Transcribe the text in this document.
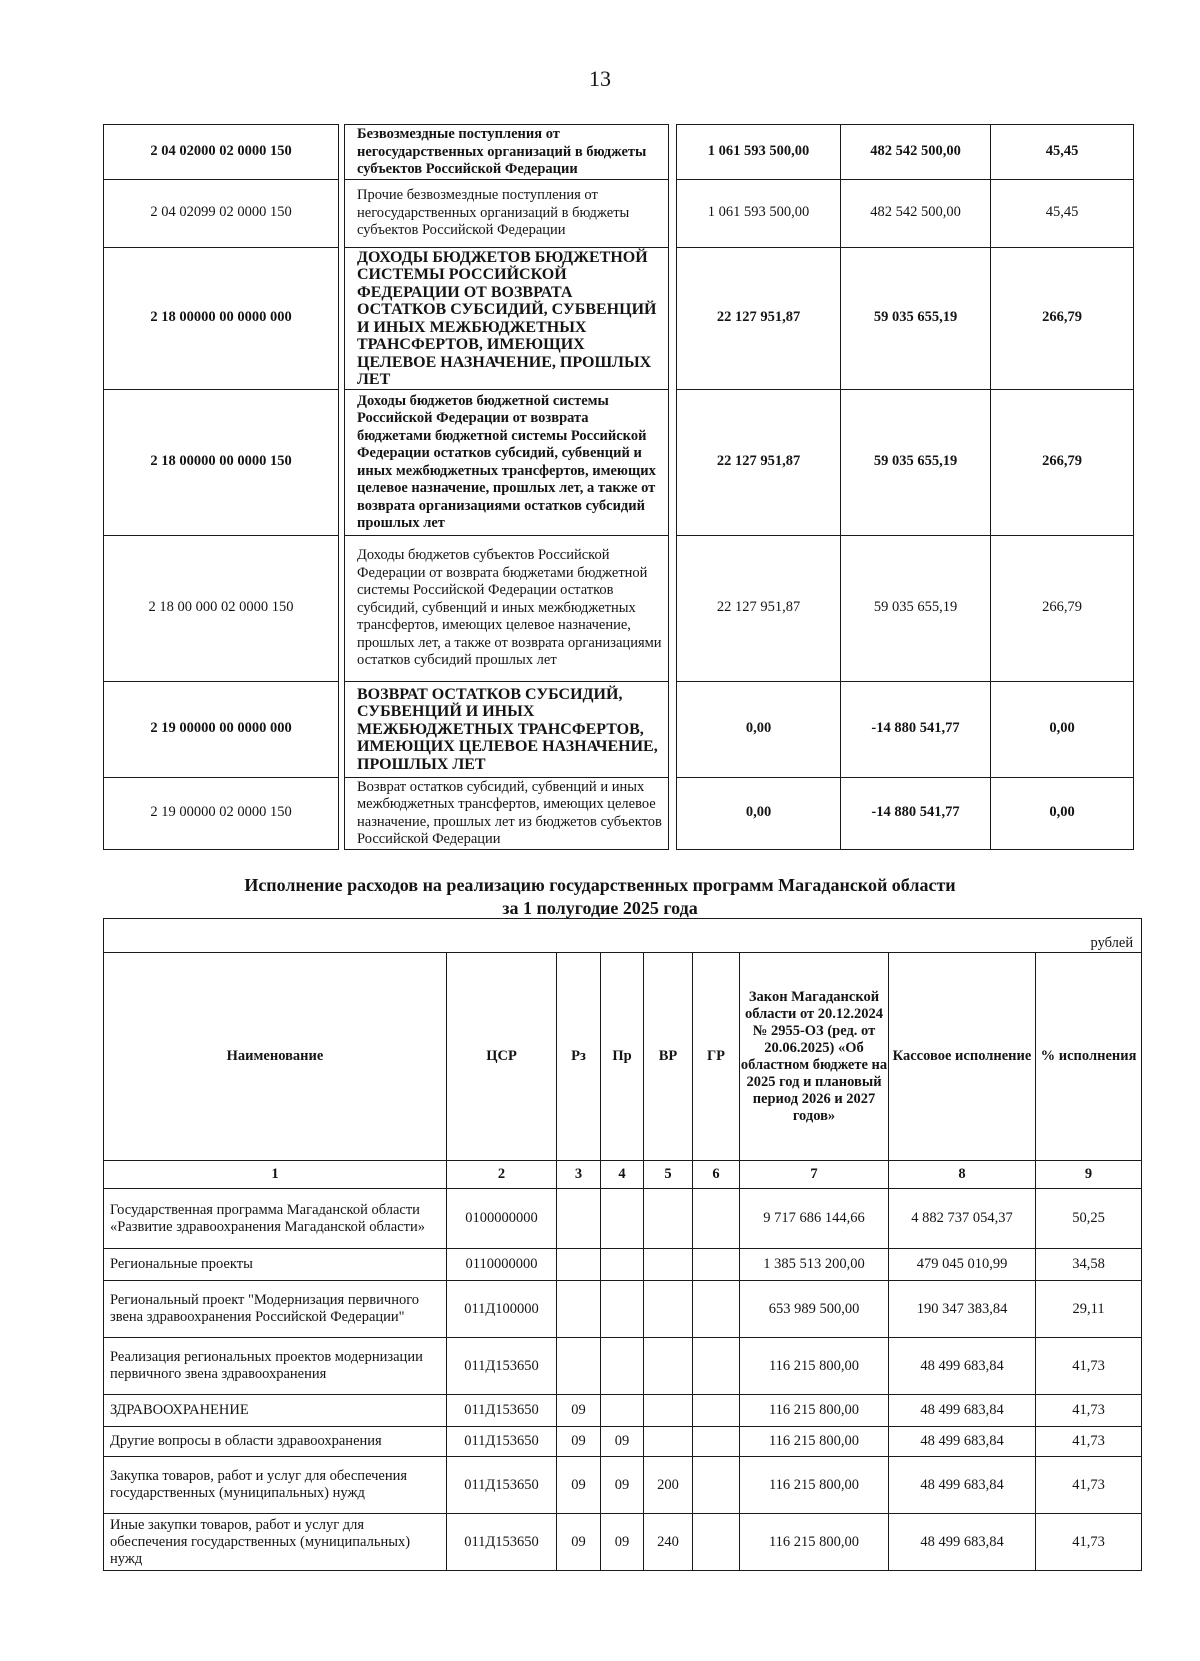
13
2 04 02000 02 0000 150		Безвозмездные поступления от негосударственных организаций в бюджеты субъектов Российской Федерации		1 061 593 500,00	482 542 500,00	45,45
2 04 02099 02 0000 150		Прочие безвозмездные поступления от негосударственных организаций в бюджеты субъектов Российской Федерации		1 061 593 500,00	482 542 500,00	45,45
2 18 00000 00 0000 000		ДОХОДЫ БЮДЖЕТОВ БЮДЖЕТНОЙ СИСТЕМЫ РОССИЙСКОЙ ФЕДЕРАЦИИ ОТ ВОЗВРАТА ОСТАТКОВ СУБСИДИЙ, СУБВЕНЦИЙ И ИНЫХ МЕЖБЮДЖЕТНЫХ ТРАНСФЕРТОВ, ИМЕЮЩИХ ЦЕЛЕВОЕ НАЗНАЧЕНИЕ, ПРОШЛЫХ ЛЕТ		22 127 951,87	59 035 655,19	266,79
2 18 00000 00 0000 150		Доходы бюджетов бюджетной системы Российской Федерации от возврата бюджетами бюджетной системы Российской Федерации остатков субсидий, субвенций и иных межбюджетных трансфертов, имеющих целевое назначение, прошлых лет, а также от возврата организациями остатков субсидий прошлых лет		22 127 951,87	59 035 655,19	266,79
2 18 00 000 02 0000 150		Доходы бюджетов субъектов Российской Федерации от возврата бюджетами бюджетной системы Российской Федерации остатков субсидий, субвенций и иных межбюджетных трансфертов, имеющих целевое назначение, прошлых лет, а также от возврата организациями остатков субсидий прошлых лет		22 127 951,87	59 035 655,19	266,79
2 19 00000 00 0000 000		ВОЗВРАТ ОСТАТКОВ СУБСИДИЙ, СУБВЕНЦИЙ И ИНЫХ МЕЖБЮДЖЕТНЫХ ТРАНСФЕРТОВ, ИМЕЮЩИХ ЦЕЛЕВОЕ НАЗНАЧЕНИЕ, ПРОШЛЫХ ЛЕТ		0,00	-14 880 541,77	0,00
2 19 00000 02 0000 150		Возврат остатков субсидий, субвенций и иных межбюджетных трансфертов, имеющих целевое назначение, прошлых лет из бюджетов субъектов Российской Федерации		0,00	-14 880 541,77	0,00
Исполнение расходов на реализацию государственных программ Магаданской области
за 1 полугодие 2025 года
рублей								
Наименование	ЦСР	Рз	Пр	ВР	ГР	Закон Магаданской области от 20.12.2024 № 2955-ОЗ (ред. от 20.06.2025) «Об областном бюджете на 2025 год и плановый период 2026 и 2027 годов»	Кассовое исполнение	% исполнения
1	2	3	4	5	6	7	8	9
Государственная программа Магаданской области «Развитие здравоохранения Магаданской области»	0100000000					9 717 686 144,66	4 882 737 054,37	50,25
Региональные проекты	0110000000					1 385 513 200,00	479 045 010,99	34,58
Региональный проект "Модернизация первичного звена здравоохранения Российской Федерации"	011Д100000					653 989 500,00	190 347 383,84	29,11
Реализация региональных проектов модернизации первичного звена здравоохранения	011Д153650					116 215 800,00	48 499 683,84	41,73
ЗДРАВООХРАНЕНИЕ	011Д153650	09				116 215 800,00	48 499 683,84	41,73
Другие вопросы в области здравоохранения	011Д153650	09	09			116 215 800,00	48 499 683,84	41,73
Закупка товаров, работ и услуг для обеспечения государственных (муниципальных) нужд	011Д153650	09	09	200		116 215 800,00	48 499 683,84	41,73
Иные закупки товаров, работ и услуг для обеспечения государственных (муниципальных) нужд	011Д153650	09	09	240		116 215 800,00	48 499 683,84	41,73
